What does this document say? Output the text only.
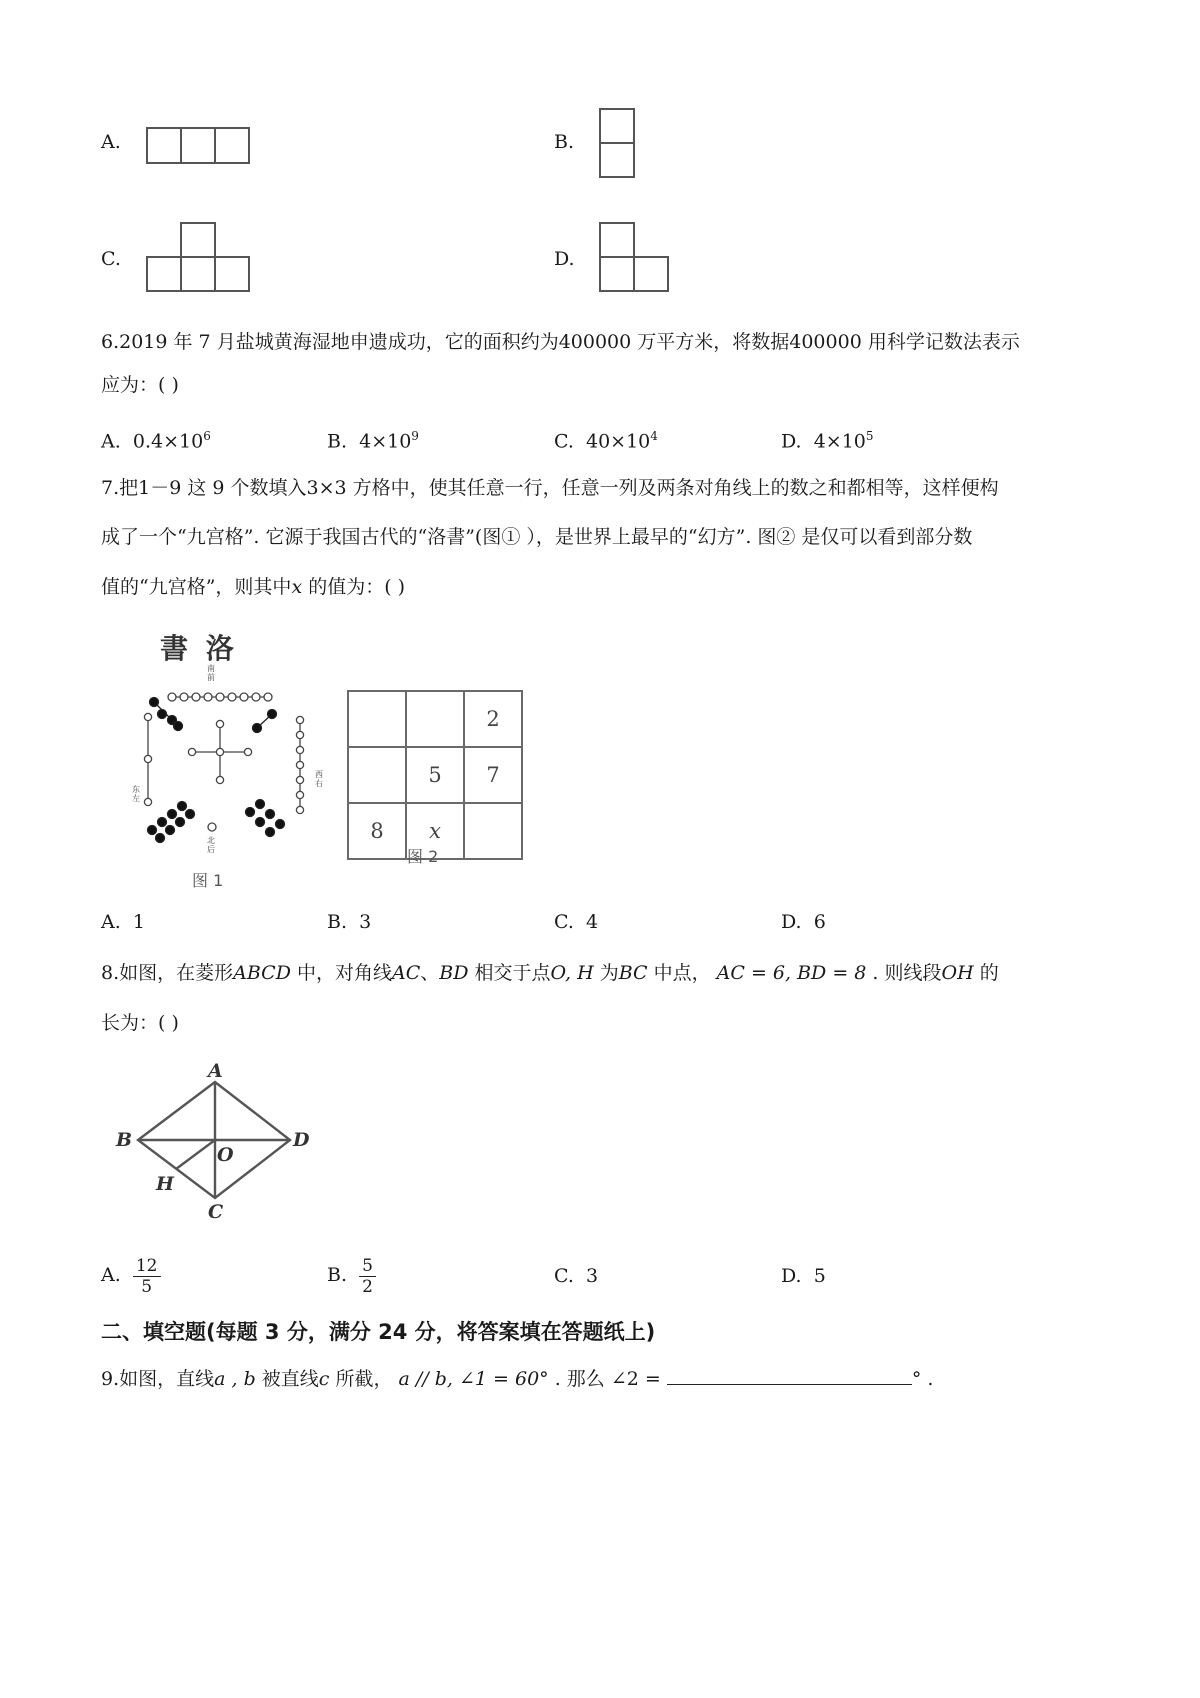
A.	B.
C.	D.
6.2019 年 7 月盐城黄海湿地申遗成功，它的面积约为400000 万平方米，将数据400000 用科学记数法表示
应为：( )
A. $0.4\times 10^6$	B. $4\times 10^9$	C. $40\times 10^4$	D. $4\times 10^5$
7.把1－9 这 9 个数填入3×3 方格中，使其任意一行，任意一列及两条对角线上的数之和都相等，这样便构
成了一个“九宫格”. 它源于我国古代的“洛書”(图① ），是世界上最早的“幻方”. 图② 是仅可以看到部分数
值的“九宫格”，则其中x 的值为：( )
書 洛
南前
东左
西右
北后
图 1
		2
	5	7
8	x	
图 2
A. 1	B. 3	C. 4	D. 6
8.如图，在菱形ABCD 中，对角线AC、BD 相交于点O, H 为BC 中点， AC = 6, BD = 8 . 则线段OH 的
长为：( )
A
B	D
O
H
C
A. $\frac{12}{5}$	B. $\frac{5}{2}$	C. 3	D. 5
二、填空题(每题 3 分，满分 24 分，将答案填在答题纸上)
9.如图，直线a , b 被直线c 所截， a // b, ∠1 = 60° . 那么 ∠2 =	° .
